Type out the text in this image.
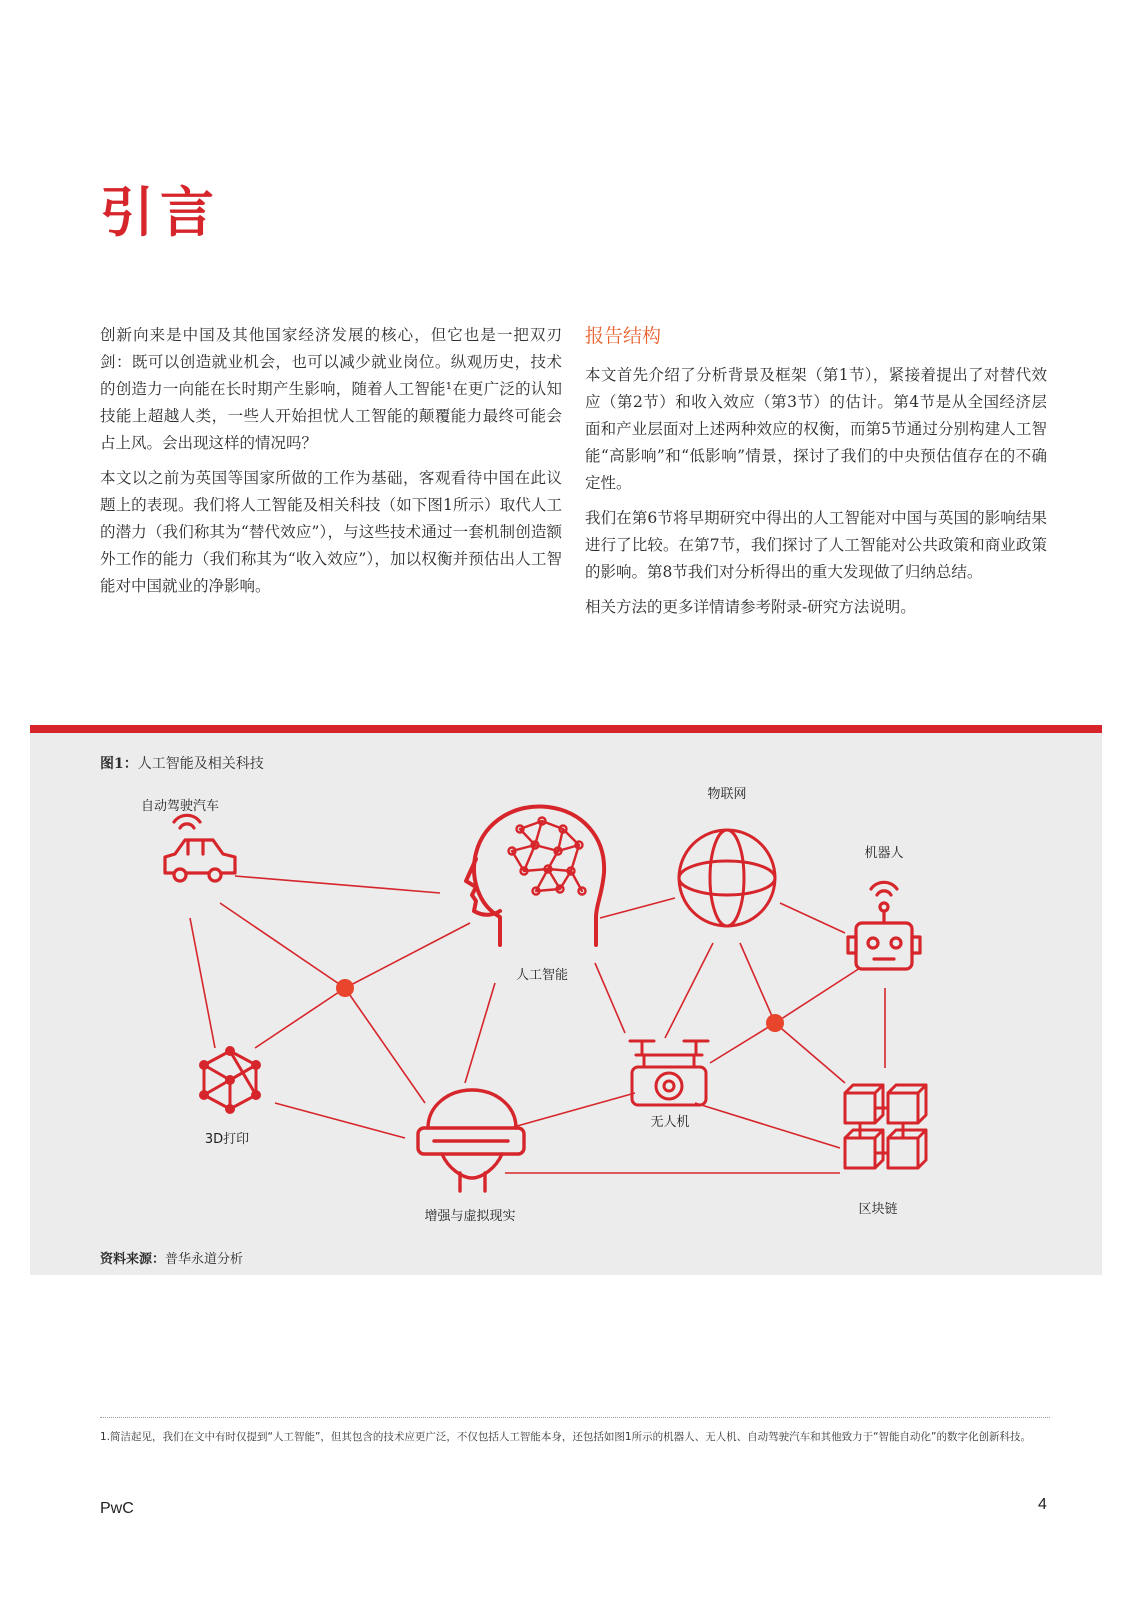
引言

创新向来是中国及其他国家经济发展的核心，但它也是一把双刃剑：既可以创造就业机会，也可以减少就业岗位。纵观历史，技术的创造力一向能在长时期产生影响，随着人工智能¹在更广泛的认知技能上超越人类，一些人开始担忧人工智能的颠覆能力最终可能会占上风。会出现这样的情况吗？

本文以之前为英国等国家所做的工作为基础，客观看待中国在此议题上的表现。我们将人工智能及相关科技（如下图1所示）取代人工的潜力（我们称其为“替代效应”），与这些技术通过一套机制创造额外工作的能力（我们称其为“收入效应”），加以权衡并预估出人工智能对中国就业的净影响。

报告结构

本文首先介绍了分析背景及框架（第1节），紧接着提出了对替代效应（第2节）和收入效应（第3节）的估计。第4节是从全国经济层面和产业层面对上述两种效应的权衡，而第5节通过分别构建人工智能“高影响”和“低影响”情景，探讨了我们的中央预估值存在的不确定性。

我们在第6节将早期研究中得出的人工智能对中国与英国的影响结果进行了比较。在第7节，我们探讨了人工智能对公共政策和商业政策的影响。第8节我们对分析得出的重大发现做了归纳总结。

相关方法的更多详情请参考附录-研究方法说明。

图1：人工智能及相关科技
自动驾驶汽车
人工智能
物联网
机器人
3D打印
增强与虚拟现实
无人机
区块链
资料来源：普华永道分析

1.简洁起见，我们在文中有时仅提到“人工智能”，但其包含的技术应更广泛，不仅包括人工智能本身，还包括如图1所示的机器人、无人机、自动驾驶汽车和其他致力于“智能自动化”的数字化创新科技。

PwC	4
